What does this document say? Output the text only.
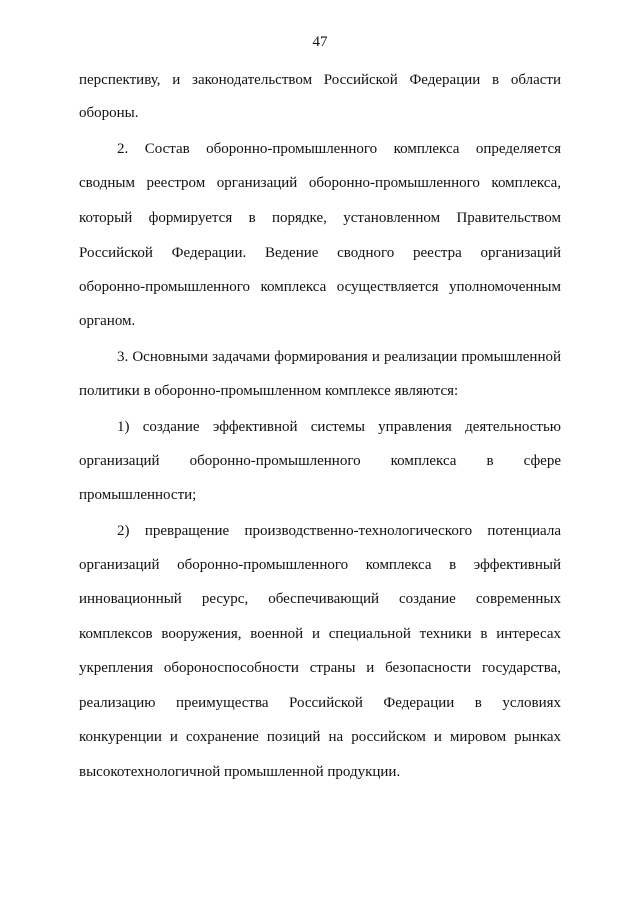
47
перспективу, и законодательством Российской Федерации в области
обороны.
2. Состав оборонно-промышленного комплекса определяется
сводным реестром организаций оборонно-промышленного комплекса,
который формируется в порядке, установленном Правительством
Российской Федерации. Ведение сводного реестра организаций
оборонно-промышленного комплекса осуществляется уполномоченным
органом.
3. Основными задачами формирования и реализации промышленной
политики в оборонно-промышленном комплексе являются:
1) создание эффективной системы управления деятельностью
организаций оборонно-промышленного комплекса в сфере
промышленности;
2) превращение производственно-технологического потенциала
организаций оборонно-промышленного комплекса в эффективный
инновационный ресурс, обеспечивающий создание современных
комплексов вооружения, военной и специальной техники в интересах
укрепления обороноспособности страны и безопасности государства,
реализацию преимущества Российской Федерации в условиях
конкуренции и сохранение позиций на российском и мировом рынках
высокотехнологичной промышленной продукции.
